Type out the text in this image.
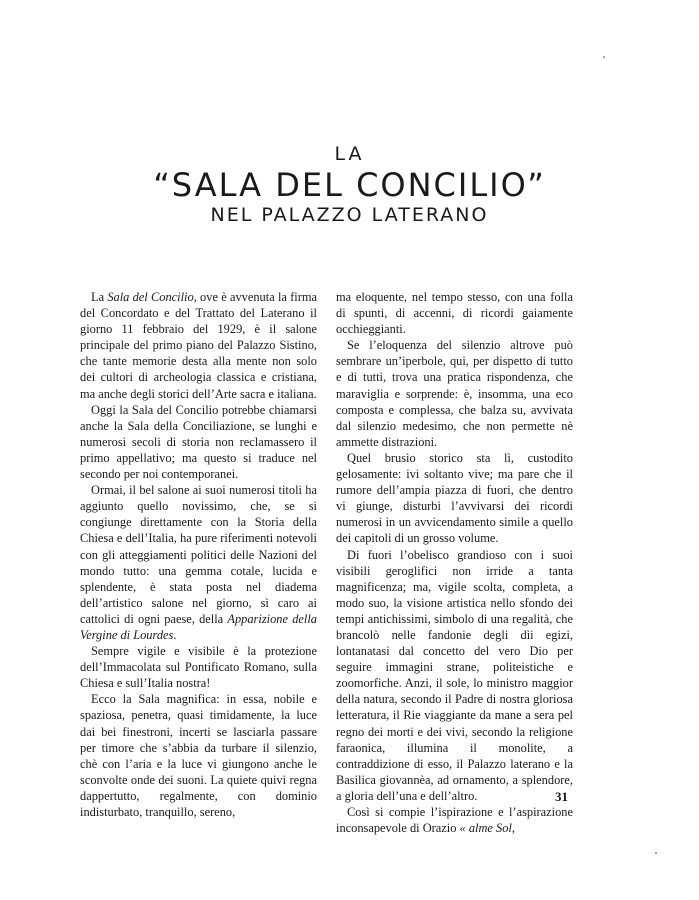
LA
“SALA DEL CONCILIO”
NEL PALAZZO LATERANO

La Sala del Concilio, ove è avvenuta la firma del Concordato e del Trattato del Laterano il giorno 11 febbraio del 1929, è il salone principale del primo piano del Palazzo Sistino, che tante memorie desta alla mente non solo dei cultori di archeologia classica e cristiana, ma anche degli storici dell’Arte sacra e italiana.

Oggi la Sala del Concilio potrebbe chiamarsi anche la Sala della Conciliazione, se lunghi e numerosi secoli di storia non reclamassero il primo appellativo; ma questo si traduce nel secondo per noi contemporanei.

Ormai, il bel salone ai suoi numerosi titoli ha aggiunto quello novissimo, che, se si congiunge direttamente con la Storia della Chiesa e dell’Italia, ha pure riferimenti notevoli con gli atteggiamenti politici delle Nazioni del mondo tutto: una gemma cotale, lucida e splendente, è stata posta nel diadema dell’artistico salone nel giorno, sì caro ai cattolici di ogni paese, della Apparizione della Vergine di Lourdes.

Sempre vigile e visibile è la protezione dell’Immacolata sul Pontificato Romano, sulla Chiesa e sull’Italia nostra!

Ecco la Sala magnifica: in essa, nobile e spaziosa, penetra, quasi timidamente, la luce dai bei finestroni, incerti se lasciarla passare per timore che s’abbia da turbare il silenzio, chè con l’aria e la luce vi giungono anche le sconvolte onde dei suoni. La quiete quivi regna dappertutto, regalmente, con dominio indisturbato, tranquillo, sereno,

ma eloquente, nel tempo stesso, con una folla di spunti, di accenni, di ricordi gaiamente occhieggianti.

Se l’eloquenza del silenzio altrove può sembrare un’iperbole, qui, per dispetto di tutto e di tutti, trova una pratica rispondenza, che maraviglia e sorprende: è, insomma, una eco composta e complessa, che balza su, avvivata dal silenzio medesimo, che non permette nè ammette distrazioni.

Quel brusìo storico sta lì, custodito gelosamente: ivi soltanto vive; ma pare che il rumore dell’ampia piazza di fuori, che dentro vi giunge, disturbi l’avvivarsi dei ricordi numerosi in un avvicendamento simile a quello dei capitoli di un grosso volume.

Di fuori l’obelisco grandioso con i suoi visibili geroglifici non irride a tanta magnificenza; ma, vigile scolta, completa, a modo suo, la visione artistica nello sfondo dei tempi antichissimi, simbolo di una regalità, che brancolò nelle fandonie degli dìi egizi, lontanatasi dal concetto del vero Dio per seguire immagini strane, politeistiche e zoomorfiche. Anzi, il sole, lo ministro maggior della natura, secondo il Padre di nostra gloriosa letteratura, il Rie viaggiante da mane a sera pel regno dei morti e dei vivi, secondo la religione faraonica, illumina il monolite, a contraddizione di esso, il Palazzo lateranο e la Basilica giovannèa, ad ornamento, a splendore, a gloria dell’una e dell’altro.

Così si compie l’ispirazione e l’aspirazione inconsapevole di Orazio « alme Sol,

31
